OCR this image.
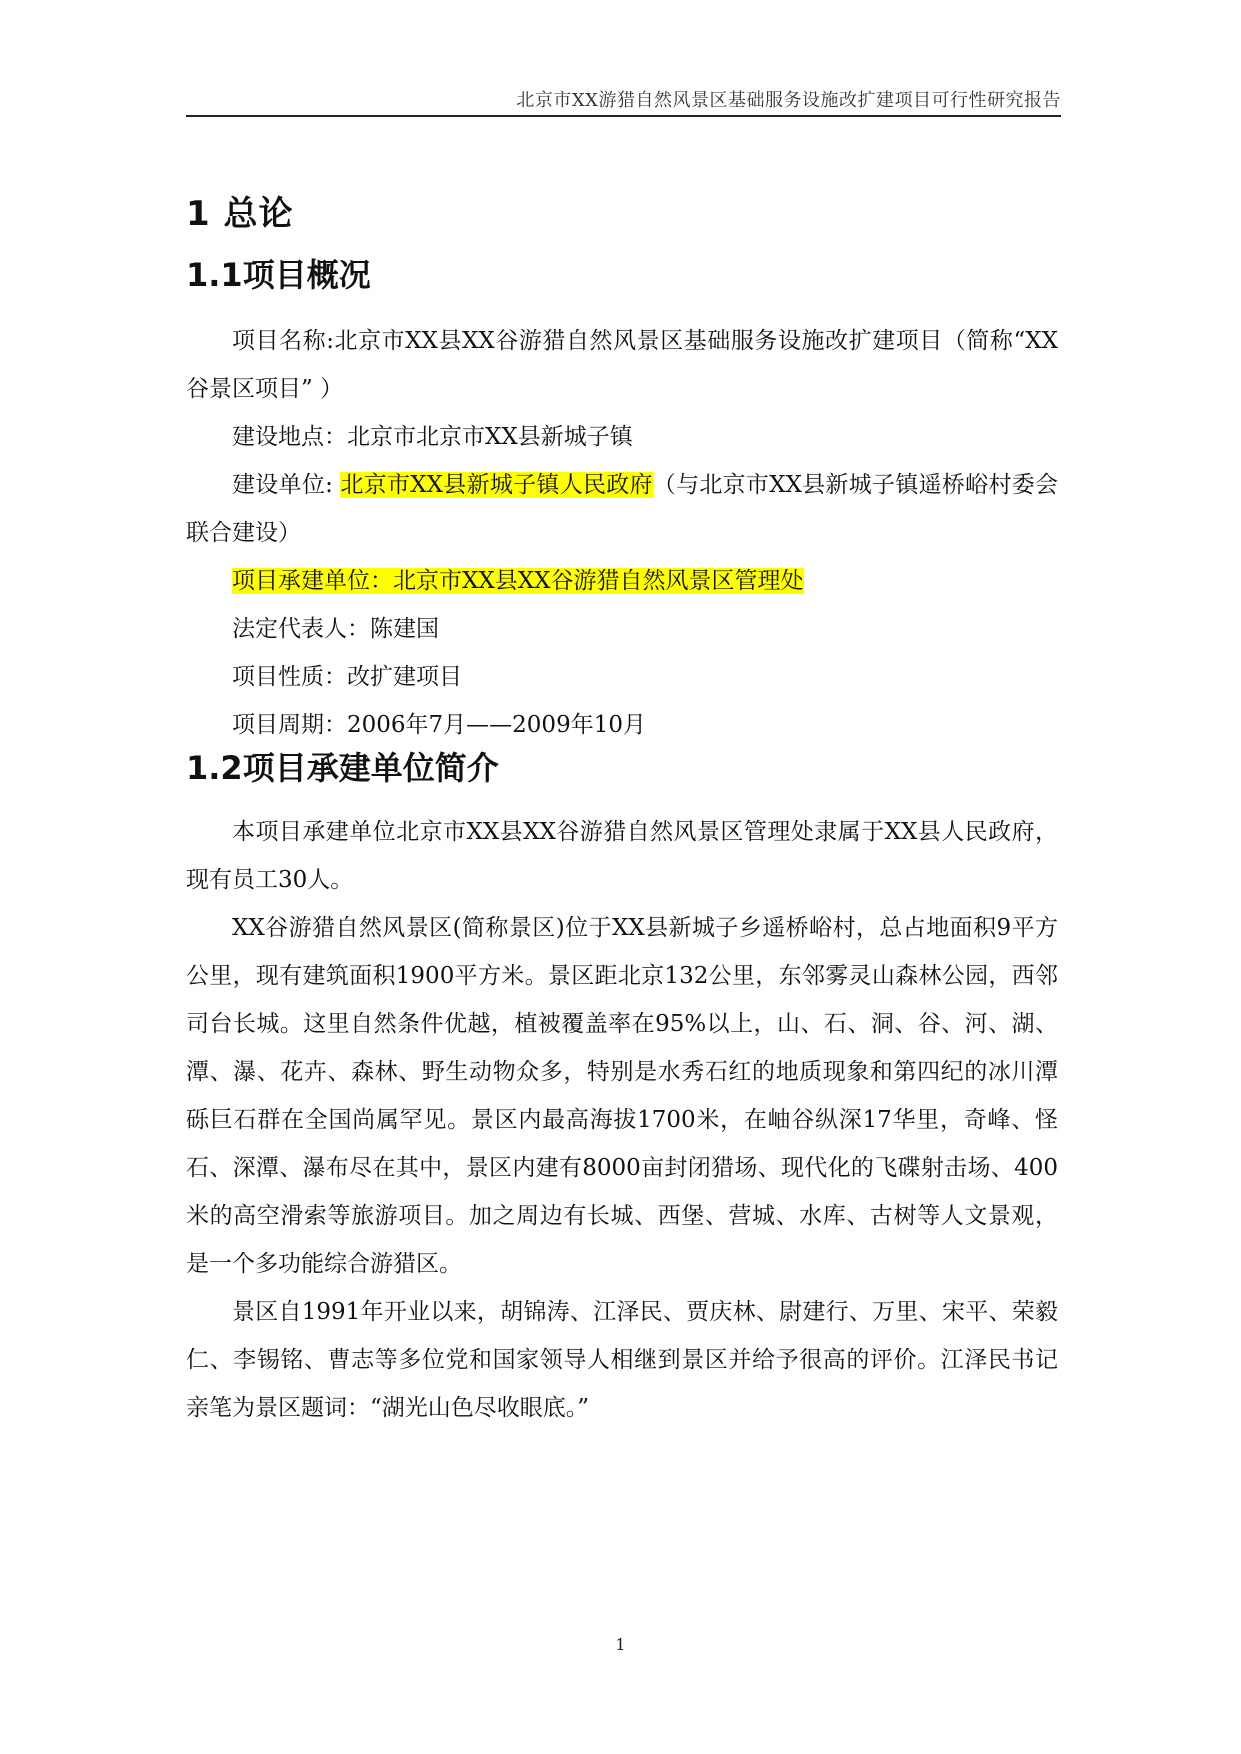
北京市XX游猎自然风景区基础服务设施改扩建项目可行性研究报告
1 总论
1.1项目概况

项目名称:北京市XX县XX谷游猎自然风景区基础服务设施改扩建项目（简称“XX谷景区项目” ）

建设地点：北京市北京市XX县新城子镇

建设单位: 北京市XX县新城子镇人民政府（与北京市XX县新城子镇遥桥峪村委会联合建设）

项目承建单位：北京市XX县XX谷游猎自然风景区管理处

法定代表人：陈建国

项目性质：改扩建项目

项目周期：2006年7月——2009年10月

1.2项目承建单位简介

本项目承建单位北京市XX县XX谷游猎自然风景区管理处隶属于XX县人民政府，现有员工30人。

XX谷游猎自然风景区(简称景区)位于XX县新城子乡遥桥峪村，总占地面积9平方公里，现有建筑面积1900平方米。景区距北京132公里，东邻雾灵山森林公园，西邻司台长城。这里自然条件优越，植被覆盖率在95%以上，山、石、洞、谷、河、湖、潭、瀑、花卉、森林、野生动物众多，特别是水秀石红的地质现象和第四纪的冰川潭砾巨石群在全国尚属罕见。景区内最高海拔1700米，在岫谷纵深17华里，奇峰、怪石、深潭、瀑布尽在其中，景区内建有8000亩封闭猎场、现代化的飞碟射击场、400米的高空滑索等旅游项目。加之周边有长城、西堡、营城、水库、古树等人文景观，是一个多功能综合游猎区。

景区自1991年开业以来，胡锦涛、江泽民、贾庆林、尉建行、万里、宋平、荣毅仁、李锡铭、曹志等多位党和国家领导人相继到景区并给予很高的评价。江泽民书记亲笔为景区题词：“湖光山色尽收眼底。”

1
